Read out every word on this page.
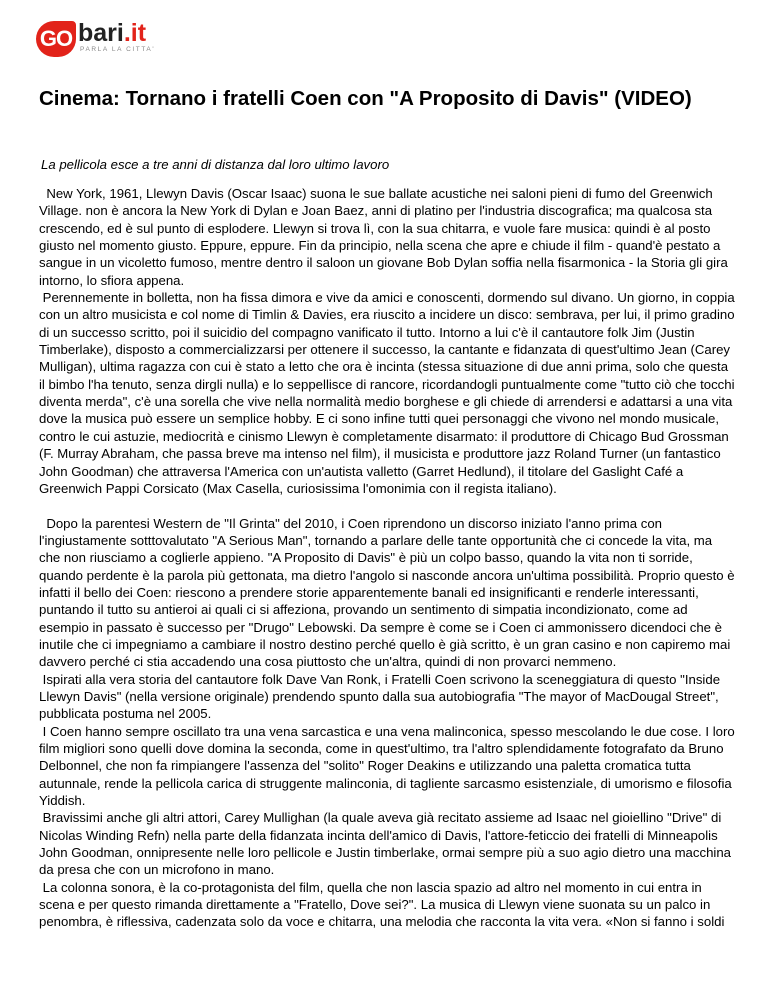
GO bari.it
PARLA LA CITTA'
Cinema: Tornano i fratelli Coen con "A Proposito di Davis" (VIDEO)

La pellicola esce a tre anni di distanza dal loro ultimo lavoro

New York, 1961, Llewyn Davis (Oscar Isaac) suona le sue ballate acustiche nei saloni pieni di fumo del Greenwich Village. non è ancora la New York di Dylan e Joan Baez, anni di platino per l'industria discografica; ma qualcosa sta crescendo, ed è sul punto di esplodere. Llewyn si trova lì, con la sua chitarra, e vuole fare musica: quindi è al posto giusto nel momento giusto. Eppure, eppure. Fin da principio, nella scena che apre e chiude il film - quand'è pestato a sangue in un vicoletto fumoso, mentre dentro il saloon un giovane Bob Dylan soffia nella fisarmonica - la Storia gli gira intorno, lo sfiora appena.

Perennemente in bolletta, non ha fissa dimora e vive da amici e conoscenti, dormendo sul divano. Un giorno, in coppia con un altro musicista e col nome di Timlin & Davies, era riuscito a incidere un disco: sembrava, per lui, il primo gradino di un successo scritto, poi il suicidio del compagno vanificato il tutto. Intorno a lui c'è il cantautore folk Jim (Justin Timberlake), disposto a commercializzarsi per ottenere il successo, la cantante e fidanzata di quest'ultimo Jean (Carey Mulligan), ultima ragazza con cui è stato a letto che ora è incinta (stessa situazione di due anni prima, solo che questa il bimbo l'ha tenuto, senza dirgli nulla) e lo seppellisce di rancore, ricordandogli puntualmente come "tutto ciò che tocchi diventa merda", c'è una sorella che vive nella normalità medio borghese e gli chiede di arrendersi e adattarsi a una vita dove la musica può essere un semplice hobby. E ci sono infine tutti quei personaggi che vivono nel mondo musicale, contro le cui astuzie, mediocrità e cinismo Llewyn è completamente disarmato: il produttore di Chicago Bud Grossman (F. Murray Abraham, che passa breve ma intenso nel film), il musicista e produttore jazz Roland Turner (un fantastico John Goodman) che attraversa l'America con un'autista valletto (Garret Hedlund), il titolare del Gaslight Café a Greenwich Pappi Corsicato (Max Casella, curiosissima l'omonimia con il regista italiano).

Dopo la parentesi Western de "Il Grinta" del 2010, i Coen riprendono un discorso iniziato l'anno prima con l'ingiustamente sotttovalutato "A Serious Man", tornando a parlare delle tante opportunità che ci concede la vita, ma che non riusciamo a coglierle appieno. "A Proposito di Davis" è più un colpo basso, quando la vita non ti sorride, quando perdente è la parola più gettonata, ma dietro l'angolo si nasconde ancora un'ultima possibilità. Proprio questo è infatti il bello dei Coen: riescono a prendere storie apparentemente banali ed insignificanti e renderle interessanti, puntando il tutto su antieroi ai quali ci si affeziona, provando un sentimento di simpatia incondizionato, come ad esempio in passato è successo per "Drugo" Lebowski. Da sempre è come se i Coen ci ammonissero dicendoci che è inutile che ci impegniamo a cambiare il nostro destino perché quello è già scritto, è un gran casino e non capiremo mai davvero perché ci stia accadendo una cosa piuttosto che un'altra, quindi di non provarci nemmeno.

Ispirati alla vera storia del cantautore folk Dave Van Ronk, i Fratelli Coen scrivono la sceneggiatura di questo "Inside Llewyn Davis" (nella versione originale) prendendo spunto dalla sua autobiografia "The mayor of MacDougal Street", pubblicata postuma nel 2005.

I Coen hanno sempre oscillato tra una vena sarcastica e una vena malinconica, spesso mescolando le due cose. I loro film migliori sono quelli dove domina la seconda, come in quest'ultimo, tra l'altro splendidamente fotografato da Bruno Delbonnel, che non fa rimpiangere l'assenza del "solito" Roger Deakins e utilizzando una paletta cromatica tutta autunnale, rende la pellicola carica di struggente malinconia, di tagliente sarcasmo esistenziale, di umorismo e filosofia Yiddish.

Bravissimi anche gli altri attori, Carey Mullighan (la quale aveva già recitato assieme ad Isaac nel gioiellino "Drive" di Nicolas Winding Refn) nella parte della fidanzata incinta dell'amico di Davis, l'attore-feticcio dei fratelli di Minneapolis John Goodman, onnipresente nelle loro pellicole e Justin timberlake, ormai sempre più a suo agio dietro una macchina da presa che con un microfono in mano.

La colonna sonora, è la co-protagonista del film, quella che non lascia spazio ad altro nel momento in cui entra in scena e per questo rimanda direttamente a "Fratello, Dove sei?". La musica di Llewyn viene suonata su un palco in penombra, è riflessiva, cadenzata solo da voce e chitarra, una melodia che racconta la vita vera. «Non si fanno i soldi
